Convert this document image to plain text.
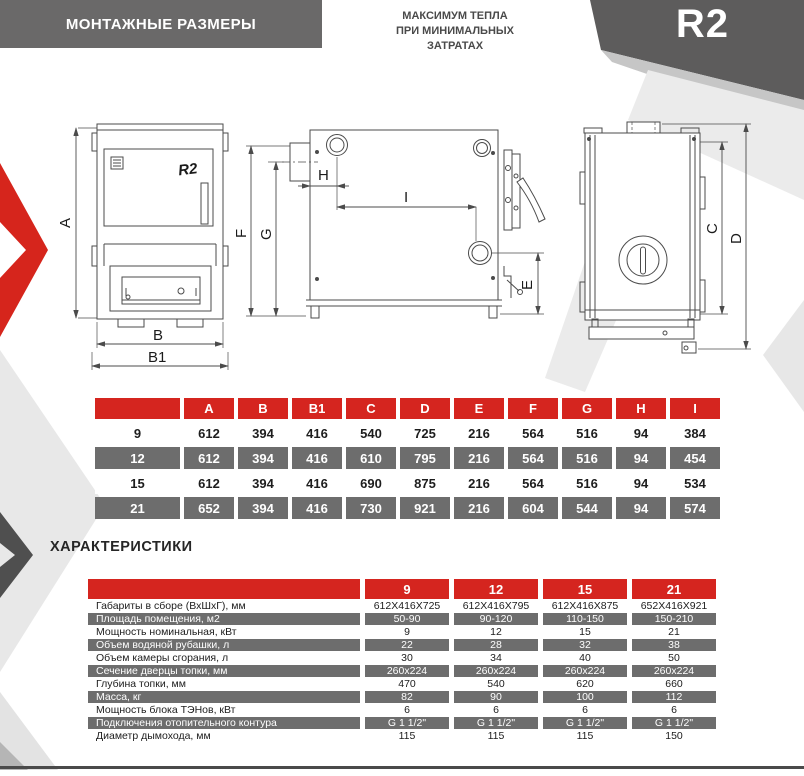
МОНТАЖНЫЕ РАЗМЕРЫ	МАКСИМУМ ТЕПЛА
ПРИ МИНИМАЛЬНЫХ
ЗАТРАТАХ	R2
A
B
B1
R2
F G
H
I
E
C
D
	A	B	B1	C	D	E	F	G	H	I
9	612	394	416	540	725	216	564	516	94	384
12	612	394	416	610	795	216	564	516	94	454
15	612	394	416	690	875	216	564	516	94	534
21	652	394	416	730	921	216	604	544	94	574
ХАРАКТЕРИСТИКИ
	9	12	15	21
Габариты в сборе (ВхШхГ), мм	612Х416Х725	612Х416Х795	612Х416Х875	652Х416Х921
Площадь помещения, м2	50-90	90-120	110-150	150-210
Мощность номинальная, кВт	9	12	15	21
Объем водяной рубашки, л	22	28	32	38
Объем камеры сгорания, л	30	34	40	50
Сечение дверцы топки, мм	260х224	260х224	260х224	260х224
Глубина топки, мм	470	540	620	660
Масса, кг	82	90	100	112
Мощность блока ТЭНов, кВт	6	6	6	6
Подключения отопительного контура	G 1 1/2"	G 1 1/2"	G 1 1/2"	G 1 1/2"
Диаметр дымохода, мм	115	115	115	150
